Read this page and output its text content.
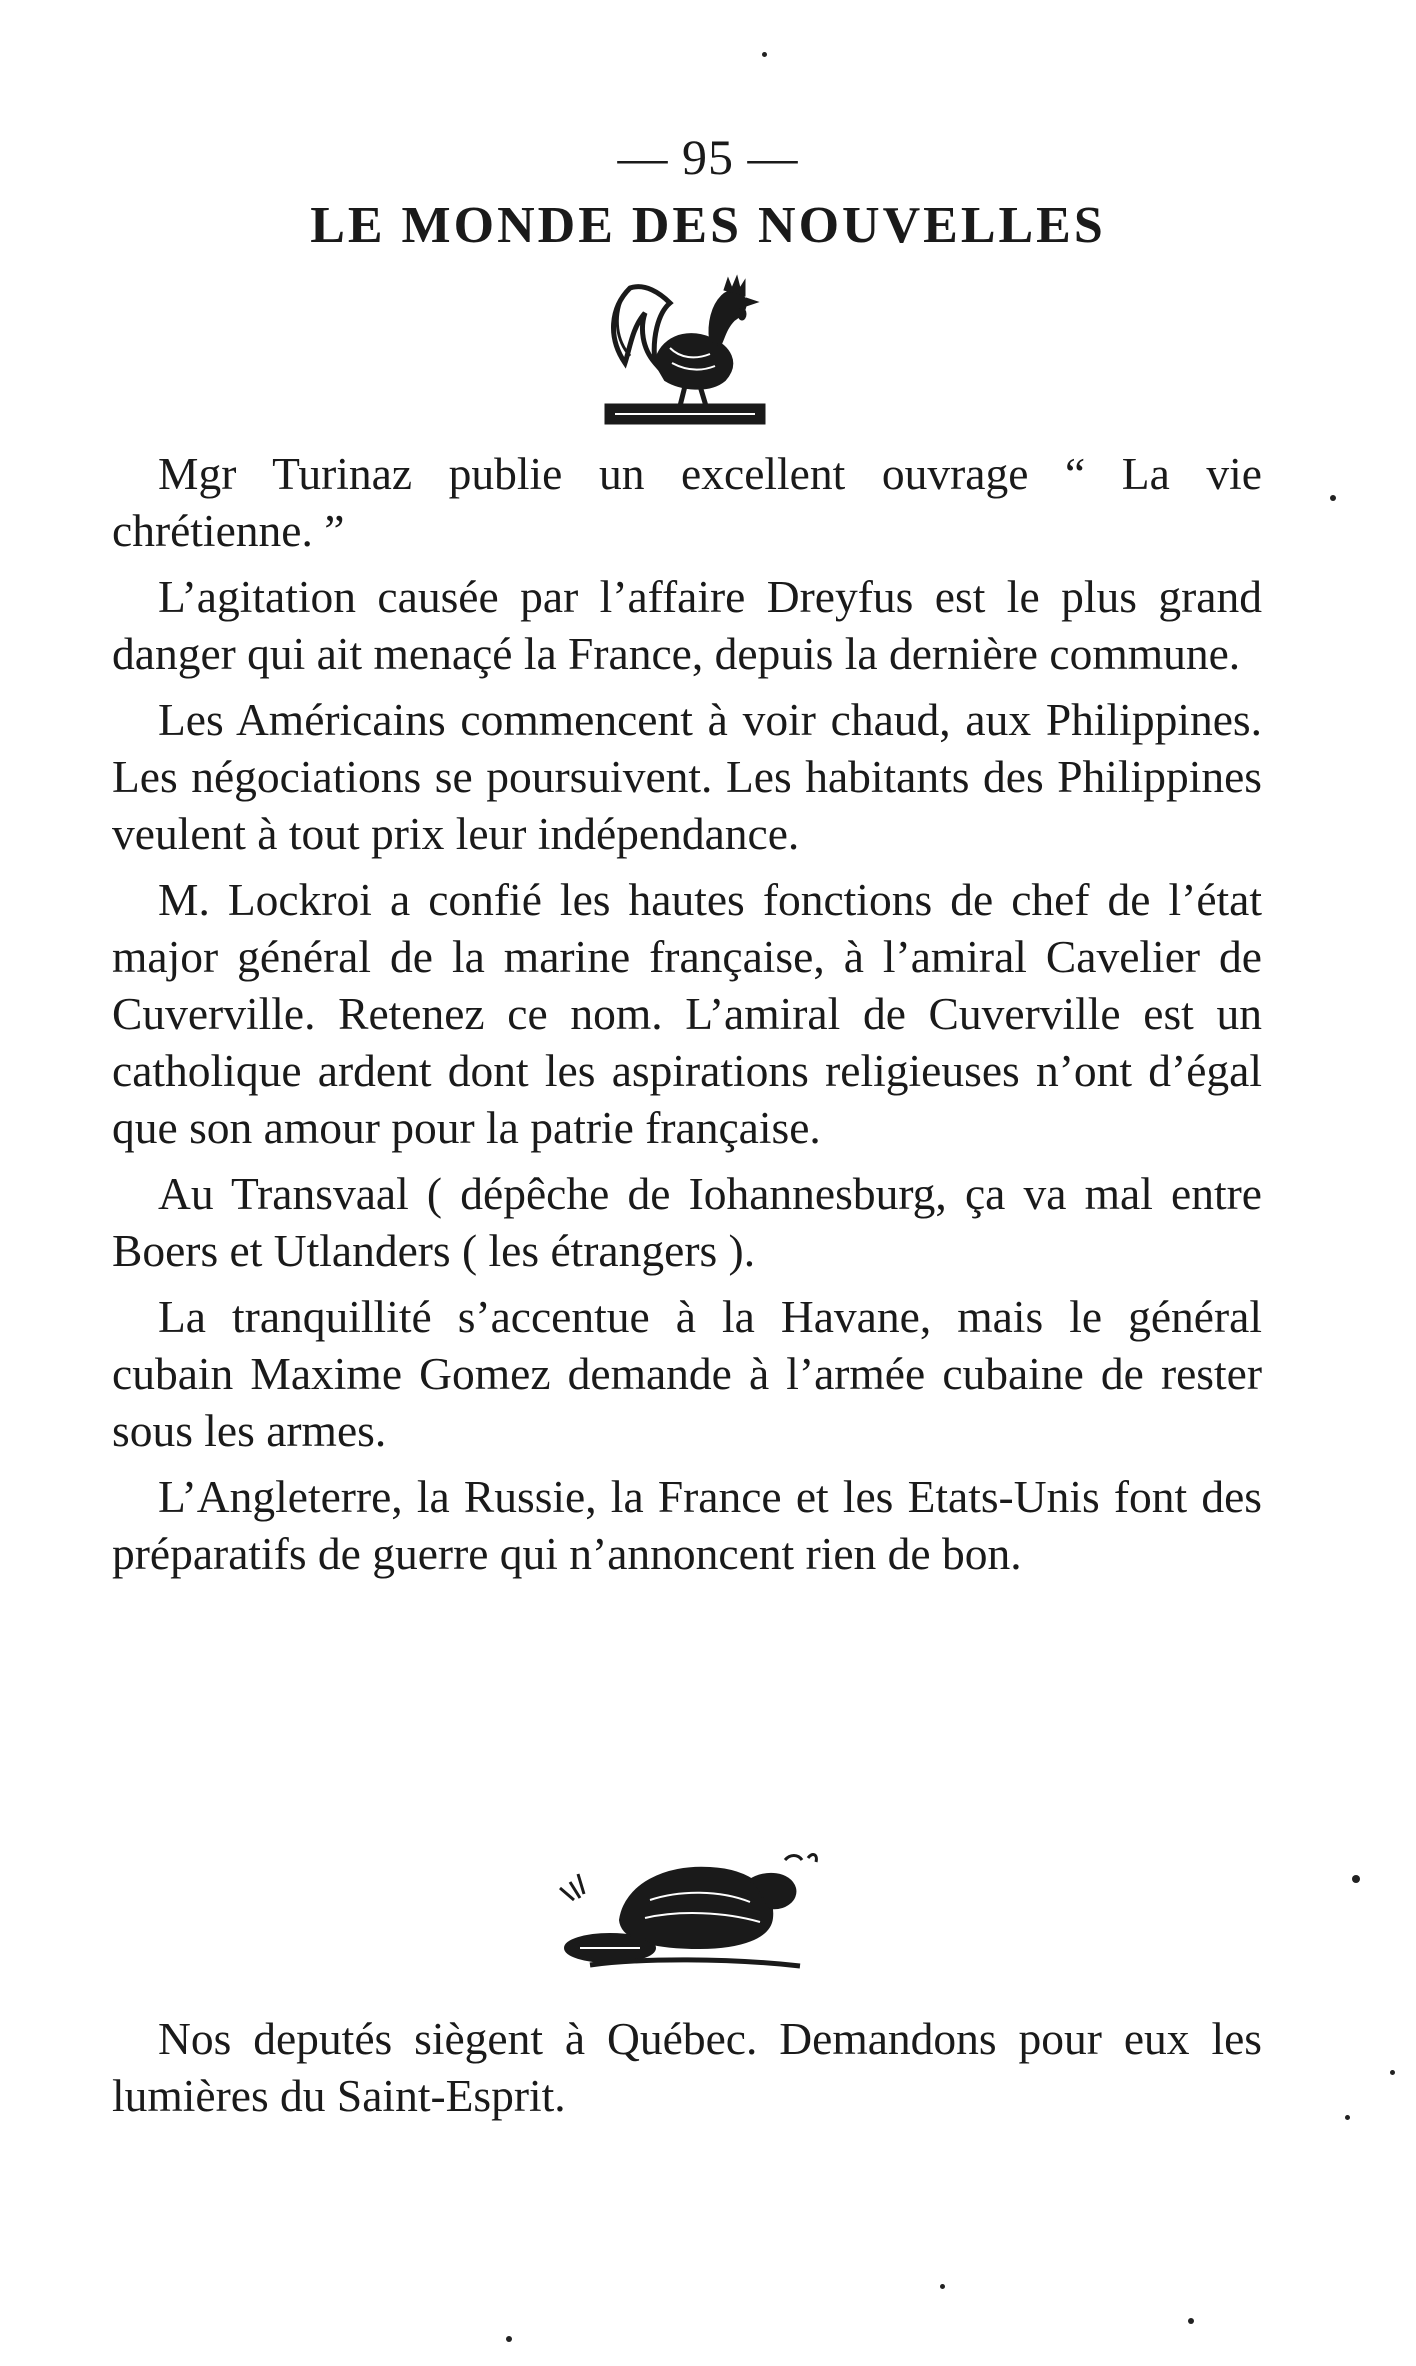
— 95 —
LE MONDE DES NOUVELLES

Mgr Turinaz publie un excellent ouvrage “ La vie chrétienne. ”

L’agitation causée par l’affaire Dreyfus est le plus grand danger qui ait menaçé la France, depuis la dernière commune.

Les Américains commencent à voir chaud, aux Philippines. Les négociations se poursuivent. Les habitants des Philippines veulent à tout prix leur indépendance.

M. Lockroi a confié les hautes fonctions de chef de l’état major général de la marine française, à l’amiral Cavelier de Cuverville. Retenez ce nom. L’amiral de Cuverville est un catholique ardent dont les aspirations religieuses n’ont d’égal que son amour pour la patrie française.

Au Transvaal ( dépêche de Iohannesburg, ça va mal entre Boers et Utlanders ( les étrangers ).

La tranquillité s’accentue à la Havane, mais le général cubain Maxime Gomez demande à l’armée cubaine de rester sous les armes.

L’Angleterre, la Russie, la France et les Etats-Unis font des préparatifs de guerre qui n’annoncent rien de bon.

Nos deputés siègent à Québec. Demandons pour eux les lumières du Saint-Esprit.
